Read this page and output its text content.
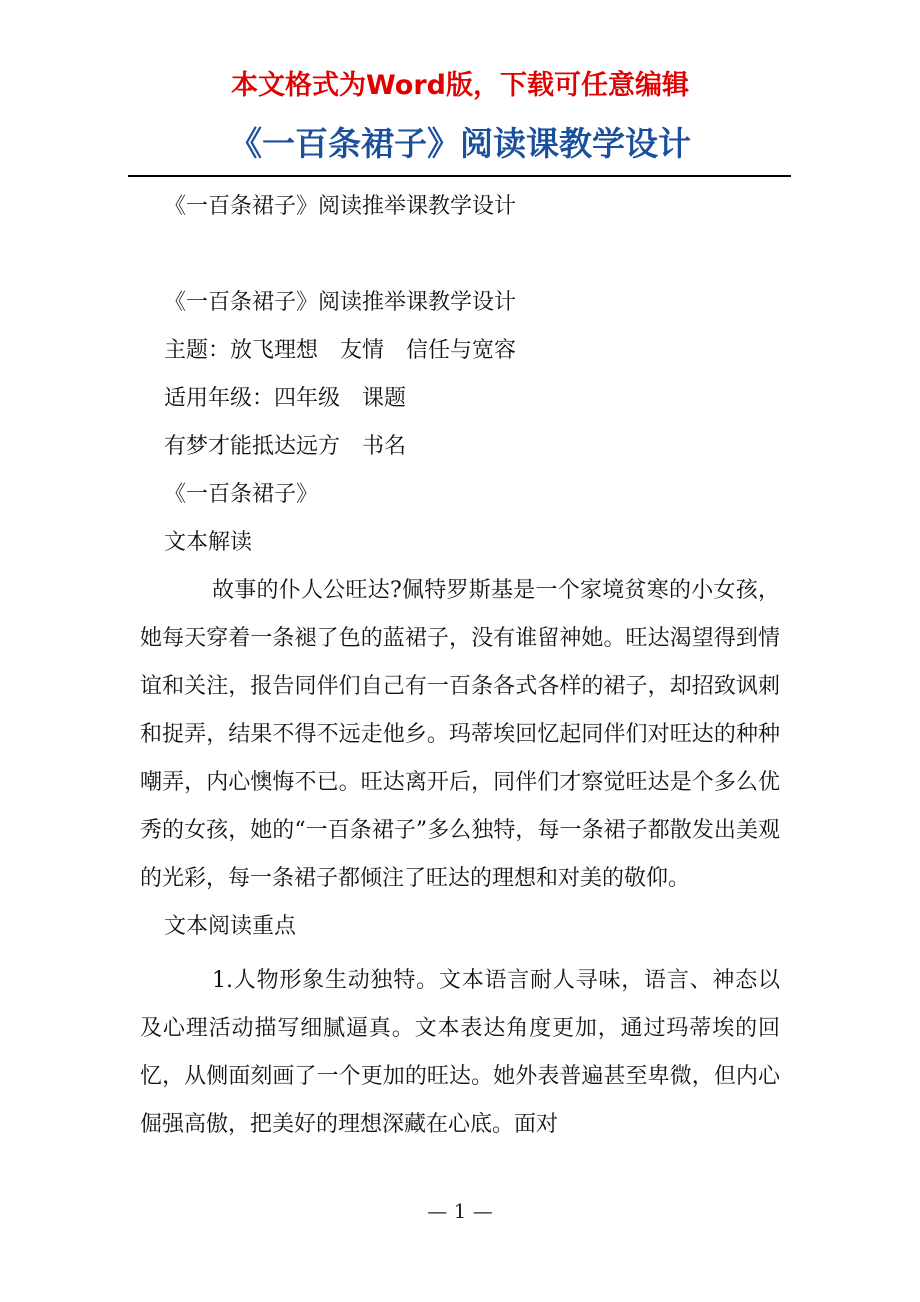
本文格式为Word版，下载可任意编辑
《一百条裙子》阅读课教学设计

《一百条裙子》阅读推举课教学设计

《一百条裙子》阅读推举课教学设计

主题：放飞理想　友情　信任与宽容

适用年级：四年级　课题

有梦才能抵达远方　书名

《一百条裙子》

文本解读

故事的仆人公旺达?佩特罗斯基是一个家境贫寒的小女孩，她每天穿着一条褪了色的蓝裙子，没有谁留神她。旺达渴望得到情谊和关注，报告同伴们自己有一百条各式各样的裙子，却招致讽刺和捉弄，结果不得不远走他乡。玛蒂埃回忆起同伴们对旺达的种种嘲弄，内心懊悔不已。旺达离开后，同伴们才察觉旺达是个多么优秀的女孩，她的“一百条裙子”多么独特，每一条裙子都散发出美观的光彩，每一条裙子都倾注了旺达的理想和对美的敬仰。

文本阅读重点

1.人物形象生动独特。文本语言耐人寻味，语言、神态以及心理活动描写细腻逼真。文本表达角度更加，通过玛蒂埃的回忆，从侧面刻画了一个更加的旺达。她外表普遍甚至卑微，但内心倔强高傲，把美好的理想深藏在心底。面对

— 1 —
